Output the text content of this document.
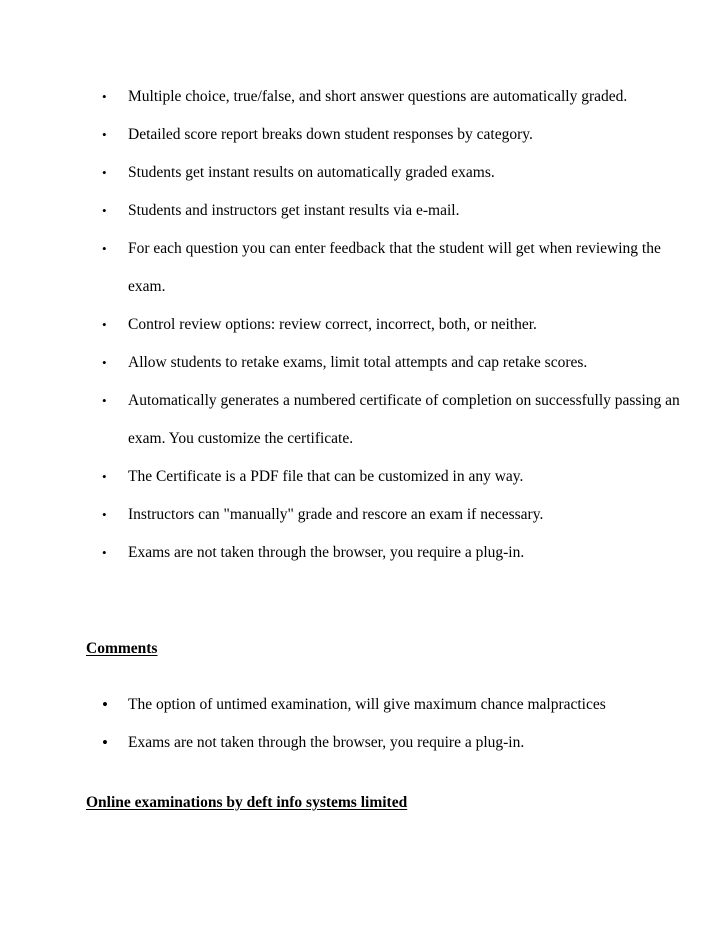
• Multiple choice, true/false, and short answer questions are automatically graded.
• Detailed score report breaks down student responses by category.
• Students get instant results on automatically graded exams.
• Students and instructors get instant results via e-mail.
• For each question you can enter feedback that the student will get when reviewing the exam.
• Control review options: review correct, incorrect, both, or neither.
• Allow students to retake exams, limit total attempts and cap retake scores.
• Automatically generates a numbered certificate of completion on successfully passing an exam. You customize the certificate.
• The Certificate is a PDF file that can be customized in any way.
• Instructors can "manually" grade and rescore an exam if necessary.
• Exams are not taken through the browser, you require a plug-in.
Comments
• The option of untimed examination, will give maximum chance malpractices
• Exams are not taken through the browser, you require a plug-in.
Online examinations by deft info systems limited
